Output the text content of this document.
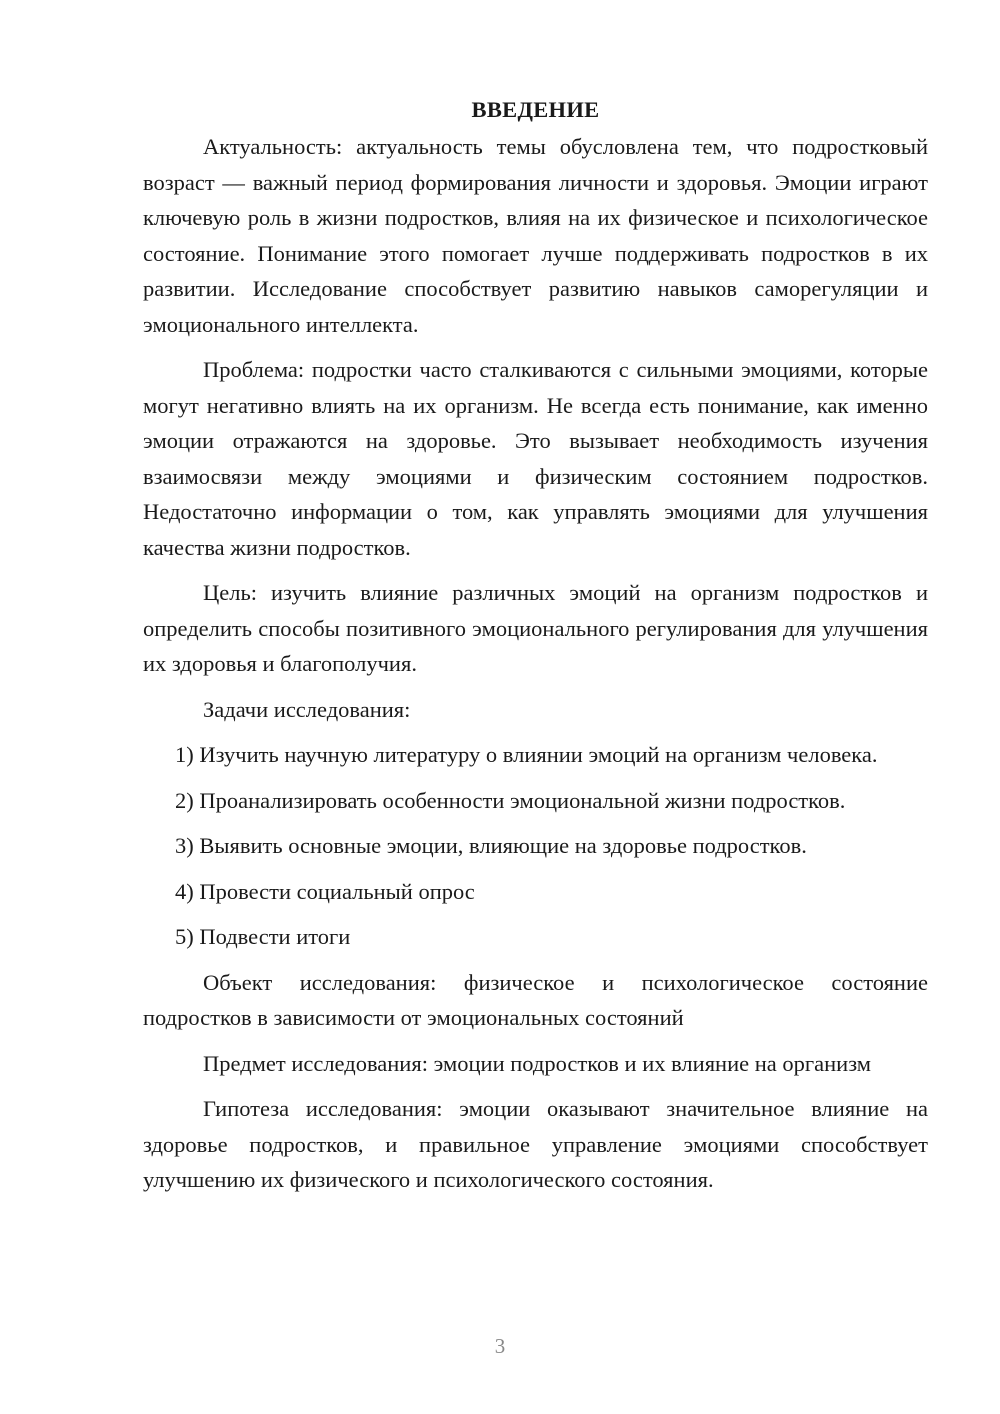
ВВЕДЕНИЕ

Актуальность: актуальность темы обусловлена тем, что подростковый возраст — важный период формирования личности и здоровья. Эмоции играют ключевую роль в жизни подростков, влияя на их физическое и психологическое состояние. Понимание этого помогает лучше поддерживать подростков в их развитии. Исследование способствует развитию навыков саморегуляции и эмоционального интеллекта.

Проблема: подростки часто сталкиваются с сильными эмоциями, которые могут негативно влиять на их организм. Не всегда есть понимание, как именно эмоции отражаются на здоровье. Это вызывает необходимость изучения взаимосвязи между эмоциями и физическим состоянием подростков. Недостаточно информации о том, как управлять эмоциями для улучшения качества жизни подростков.

Цель: изучить влияние различных эмоций на организм подростков и определить способы позитивного эмоционального регулирования для улучшения их здоровья и благополучия.

Задачи исследования:

1) Изучить научную литературу о влиянии эмоций на организм человека.

2) Проанализировать особенности эмоциональной жизни подростков.

3) Выявить основные эмоции, влияющие на здоровье подростков.

4) Провести социальный опрос

5) Подвести итоги

Объект исследования: физическое и психологическое состояние подростков в зависимости от эмоциональных состояний

Предмет исследования: эмоции подростков и их влияние на организм

Гипотеза исследования: эмоции оказывают значительное влияние на здоровье подростков, и правильное управление эмоциями способствует улучшению их физического и психологического состояния.

3
